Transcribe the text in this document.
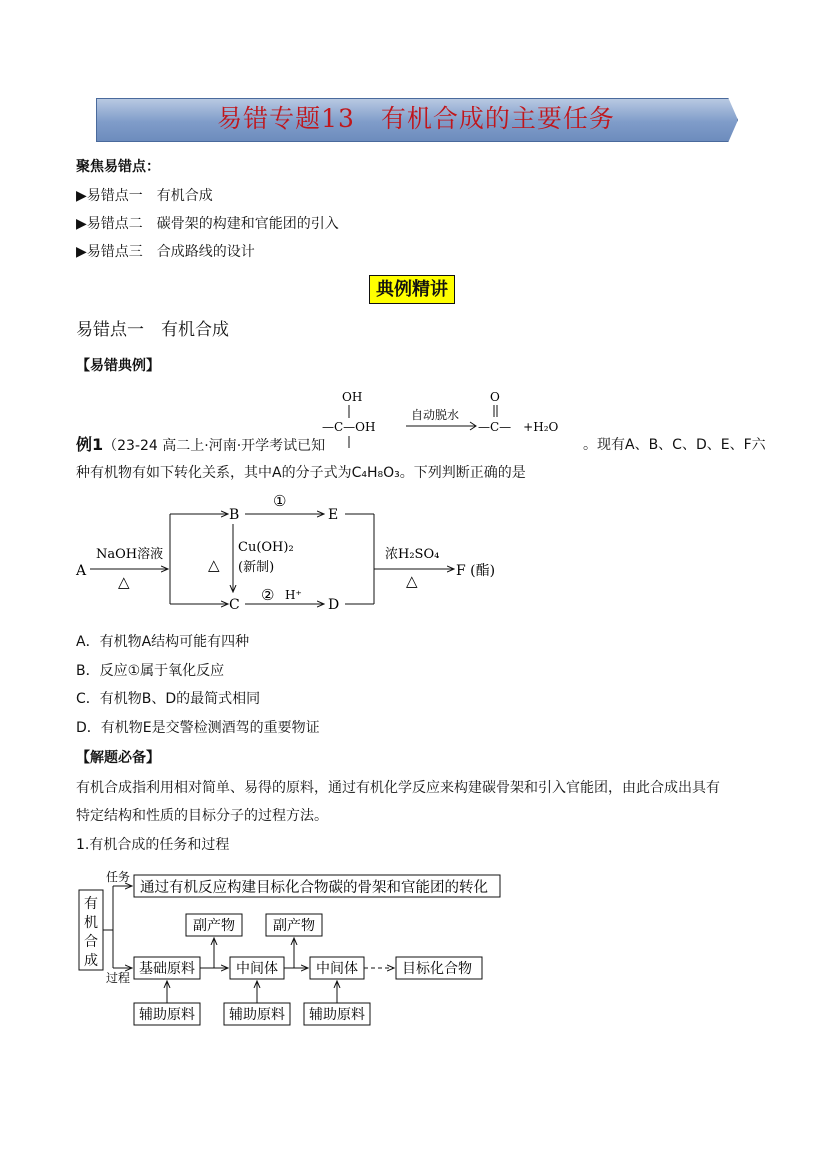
易错专题13　有机合成的主要任务
聚焦易错点：
▶易错点一　有机合成
▶易错点二　碳骨架的构建和官能团的引入
▶易错点三　合成路线的设计
典例精讲
易错点一　有机合成
【易错典例】
例1（23-24 高二上·河南·开学考试已知
OH
—C—OH
自动脱水
O
—C—　+H₂O
。现有A、B、C、D、E、F六
种有机物有如下转化关系，其中A的分子式为C₄H₈O₃。下列判断正确的是
A
NaOH溶液
△
B
C
①
E
△
Cu(OH)₂
(新制)
② H⁺
D
浓H₂SO₄
△
F (酯)
A．有机物A结构可能有四种
B．反应①属于氧化反应
C．有机物B、D的最简式相同
D．有机物E是交警检测酒驾的重要物证
【解题必备】
有机合成指利用相对简单、易得的原料，通过有机化学反应来构建碳骨架和引入官能团，由此合成出具有
特定结构和性质的目标分子的过程方法。
1.有机合成的任务和过程
有
机
合
成
任务
过程
通过有机反应构建目标化合物碳的骨架和官能团的转化
基础原料	中间体	中间体	目标化合物
副产物	副产物
辅助原料 辅助原料 辅助原料
